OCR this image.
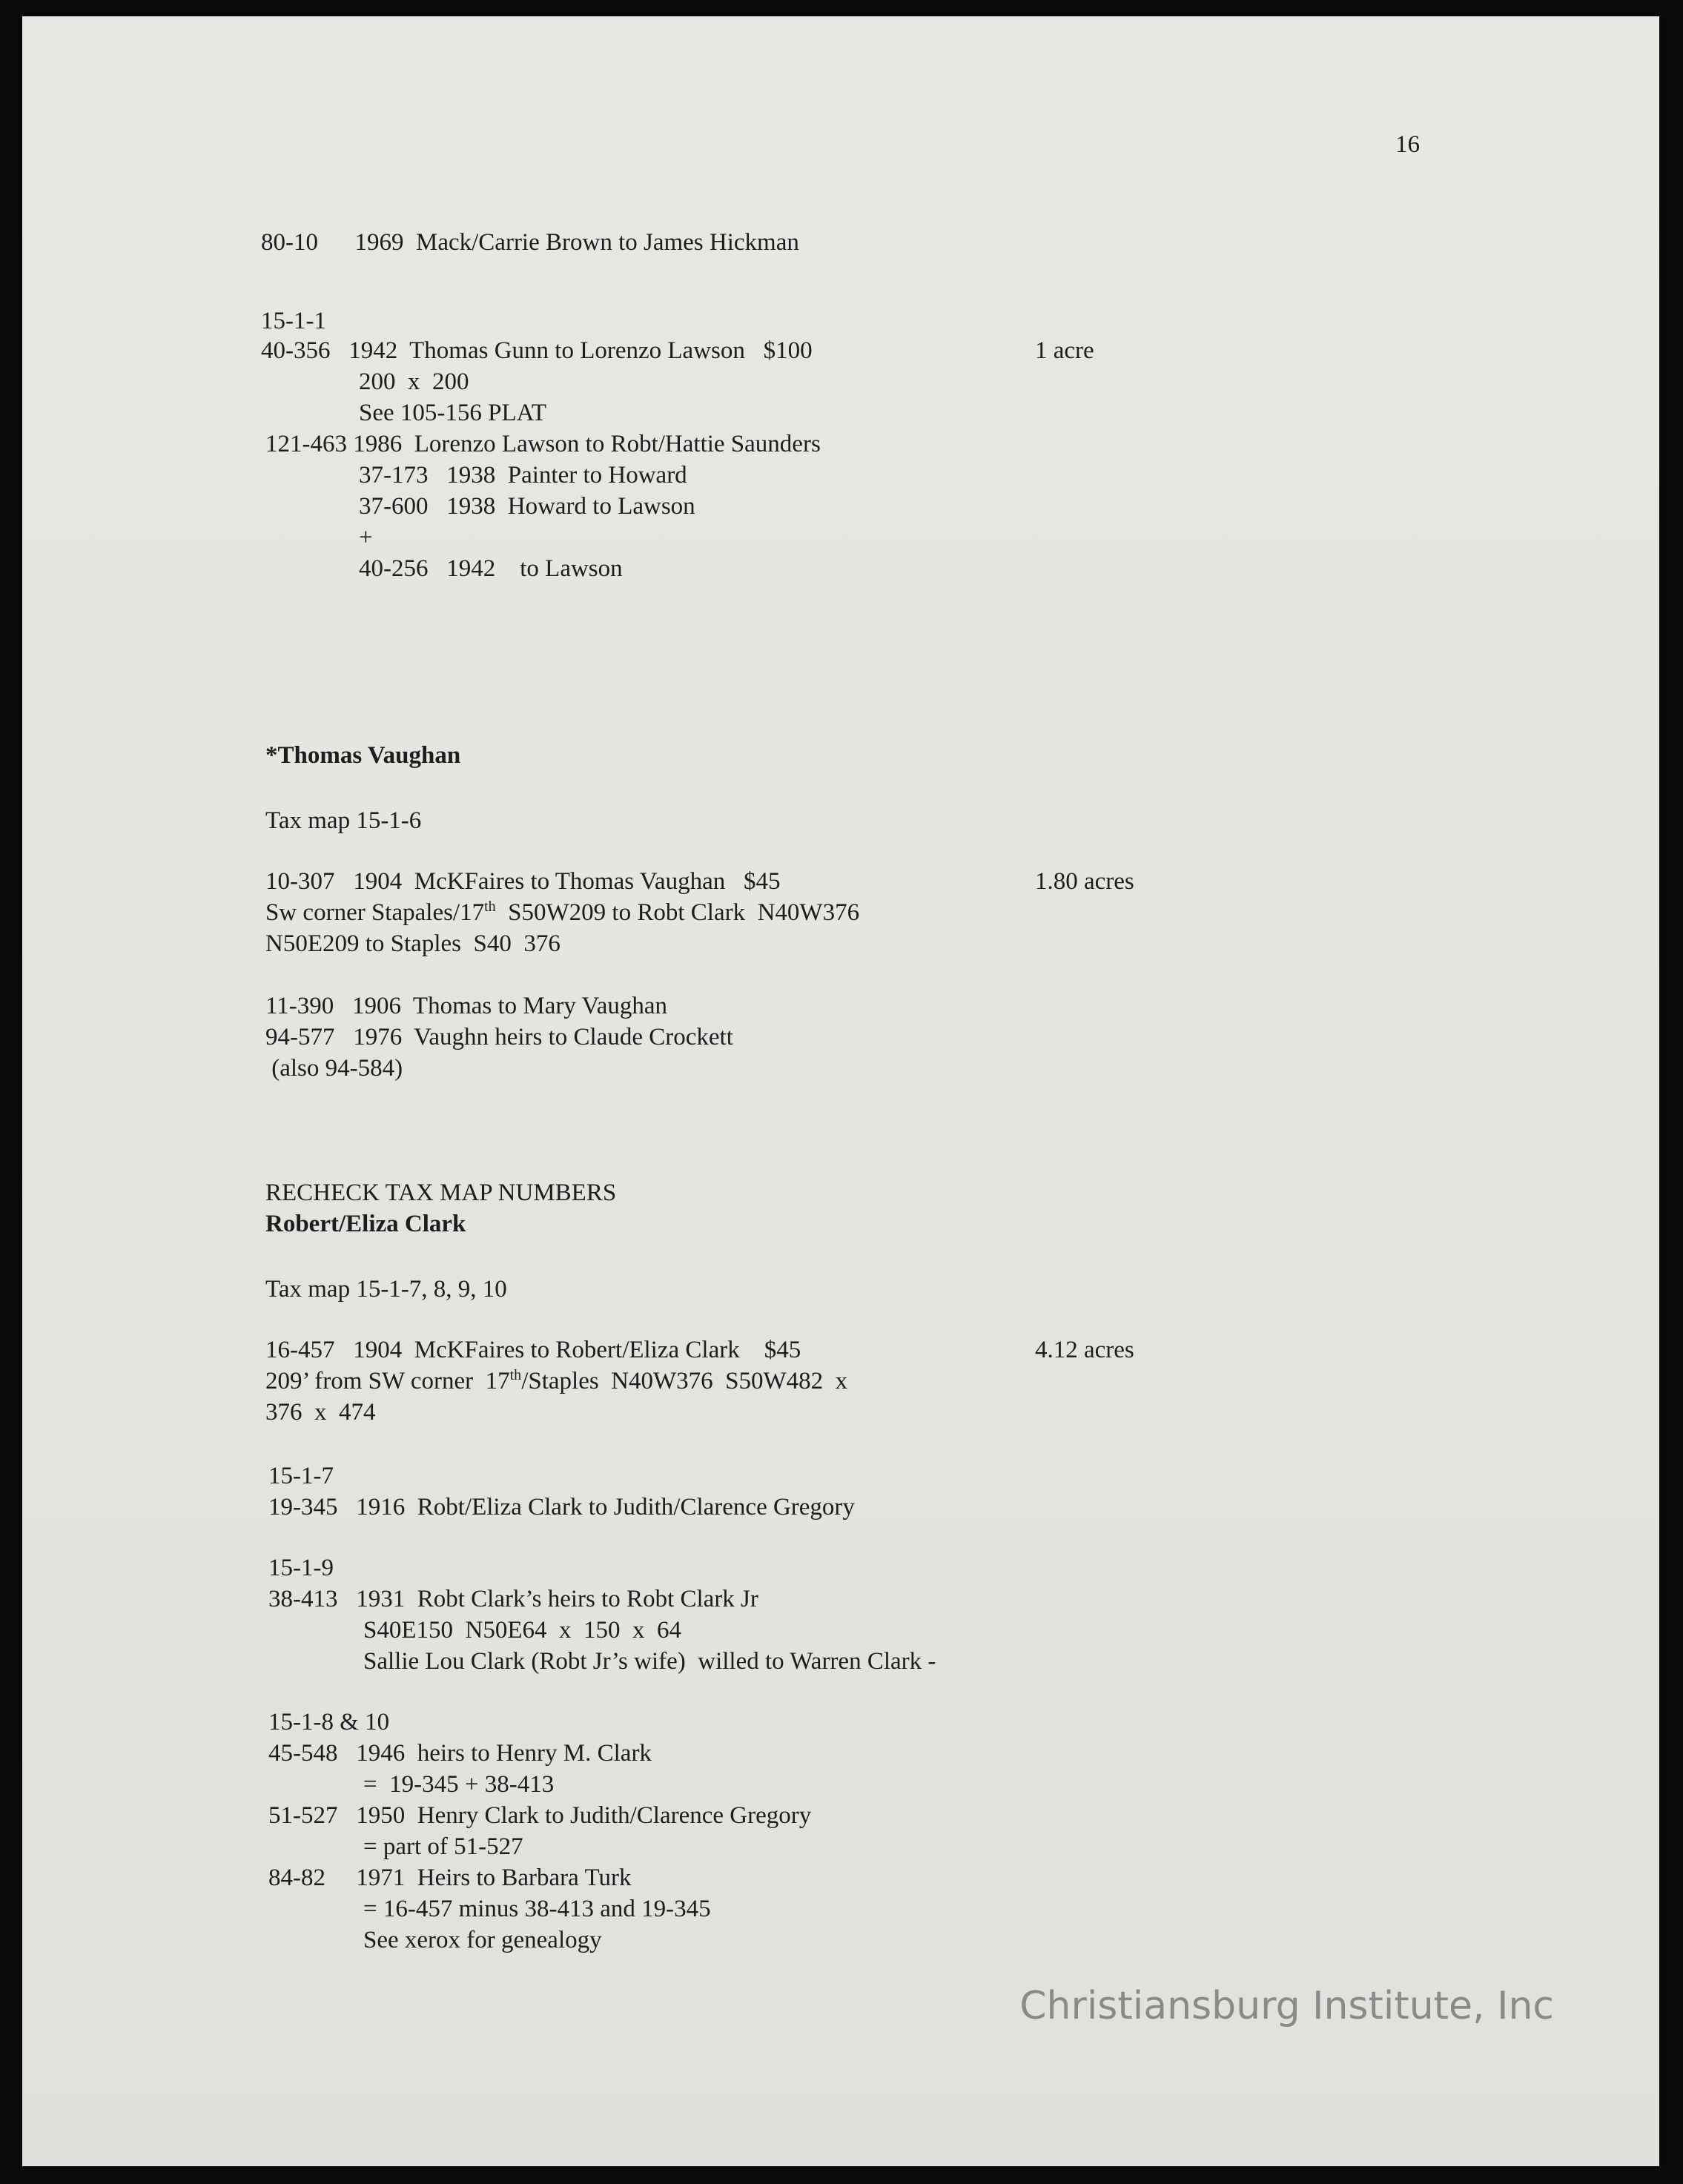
16
80-10      1969  Mack/Carrie Brown to James Hickman
15-1-1
40-356   1942  Thomas Gunn to Lorenzo Lawson   $100	1 acre
200  x  200
See 105-156 PLAT
121-463 1986  Lorenzo Lawson to Robt/Hattie Saunders
37-173   1938  Painter to Howard
37-600   1938  Howard to Lawson
+
40-256   1942    to Lawson
*Thomas Vaughan
Tax map 15-1-6
10-307   1904  McKFaires to Thomas Vaughan   $45	1.80 acres
Sw corner Stapales/17th  S50W209 to Robt Clark  N40W376
N50E209 to Staples  S40  376
11-390   1906  Thomas to Mary Vaughan
94-577   1976  Vaughn heirs to Claude Crockett
(also 94-584)
RECHECK TAX MAP NUMBERS
Robert/Eliza Clark
Tax map 15-1-7, 8, 9, 10
16-457   1904  McKFaires to Robert/Eliza Clark    $45	4.12 acres
209’ from SW corner  17th/Staples  N40W376  S50W482  x
376  x  474
15-1-7
19-345   1916  Robt/Eliza Clark to Judith/Clarence Gregory
15-1-9
38-413   1931  Robt Clark’s heirs to Robt Clark Jr
S40E150  N50E64  x  150  x  64
Sallie Lou Clark (Robt Jr’s wife)  willed to Warren Clark -
15-1-8 & 10
45-548   1946  heirs to Henry M. Clark
=  19-345 + 38-413
51-527   1950  Henry Clark to Judith/Clarence Gregory
= part of 51-527
84-82     1971  Heirs to Barbara Turk
= 16-457 minus 38-413 and 19-345
See xerox for genealogy
Christiansburg Institute, Inc
